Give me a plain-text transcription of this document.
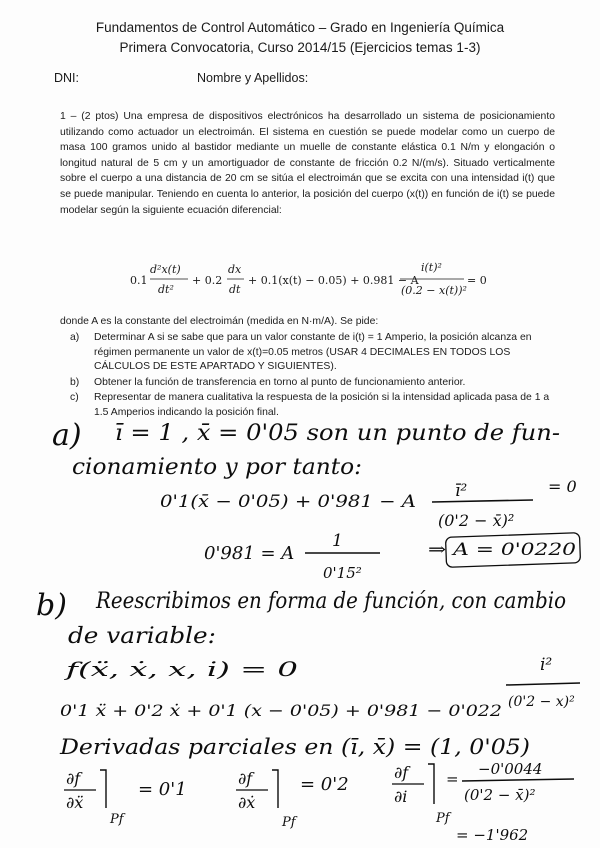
Fundamentos de Control Automático – Grado en Ingeniería Química
Primera Convocatoria, Curso 2014/15 (Ejercicios temas 1-3)
DNI:	Nombre y Apellidos:
1 – (2 ptos) Una empresa de dispositivos electrónicos ha desarrollado un sistema de posicionamiento utilizando como actuador un electroimán. El sistema en cuestión se puede modelar como un cuerpo de masa 100 gramos unido al bastidor mediante un muelle de constante elástica 0.1 N/m y elongación o longitud natural de 5 cm y un amortiguador de constante de fricción 0.2 N/(m/s). Situado verticalmente sobre el cuerpo a una distancia de 20 cm se sitúa el electroimán que se excita con una intensidad i(t) que se puede manipular. Teniendo en cuenta lo anterior, la posición del cuerpo (x(t)) en función de i(t) se puede modelar según la siguiente ecuación diferencial:
0.1
d²x(t)
dt²
+ 0.2
dx
dt
+ 0.1(x(t) − 0.05) + 0.981 − A
i(t)²
(0.2 − x(t))²
= 0
donde A es la constante del electroimán (medida en N·m/A). Se pide:
a)	Determinar A si se sabe que para un valor constante de i(t) = 1 Amperio, la posición alcanza en régimen permanente un valor de x(t)=0.05 metros (USAR 4 DECIMALES EN TODOS LOS CÁLCULOS DE ESTE APARTADO Y SIGUIENTES).
b)	Obtener la función de transferencia en torno al punto de funcionamiento anterior.
c)	Representar de manera cualitativa la respuesta de la posición si la intensidad aplicada pasa de 1 a 1.5 Amperios indicando la posición final.
a) ī = 1 , x̄ = 0'05 son un punto de fun-
cionamiento y por tanto:
0'1(x̄ − 0'05) + 0'981 − A
ī²
(0'2 − x̄)²
= 0
0'981 = A
1
0'15²
⇒ A = 0'0220
b) Reescribimos en forma de función, con cambio
de variable:
f(ẍ, ẋ, x, i) = 0
0'1 ẍ + 0'2 ẋ + 0'1 (x − 0'05) + 0'981 − 0'022
i²
(0'2 − x)²
Derivadas parciales en (ī, x̄) = (1, 0'05)
∂f
∂ẍ
Pf
= 0'1
∂f
∂ẋ
Pf
= 0'2
∂f
∂i
Pf
=
−0'0044
(0'2 − x̄)²
= −1'962
